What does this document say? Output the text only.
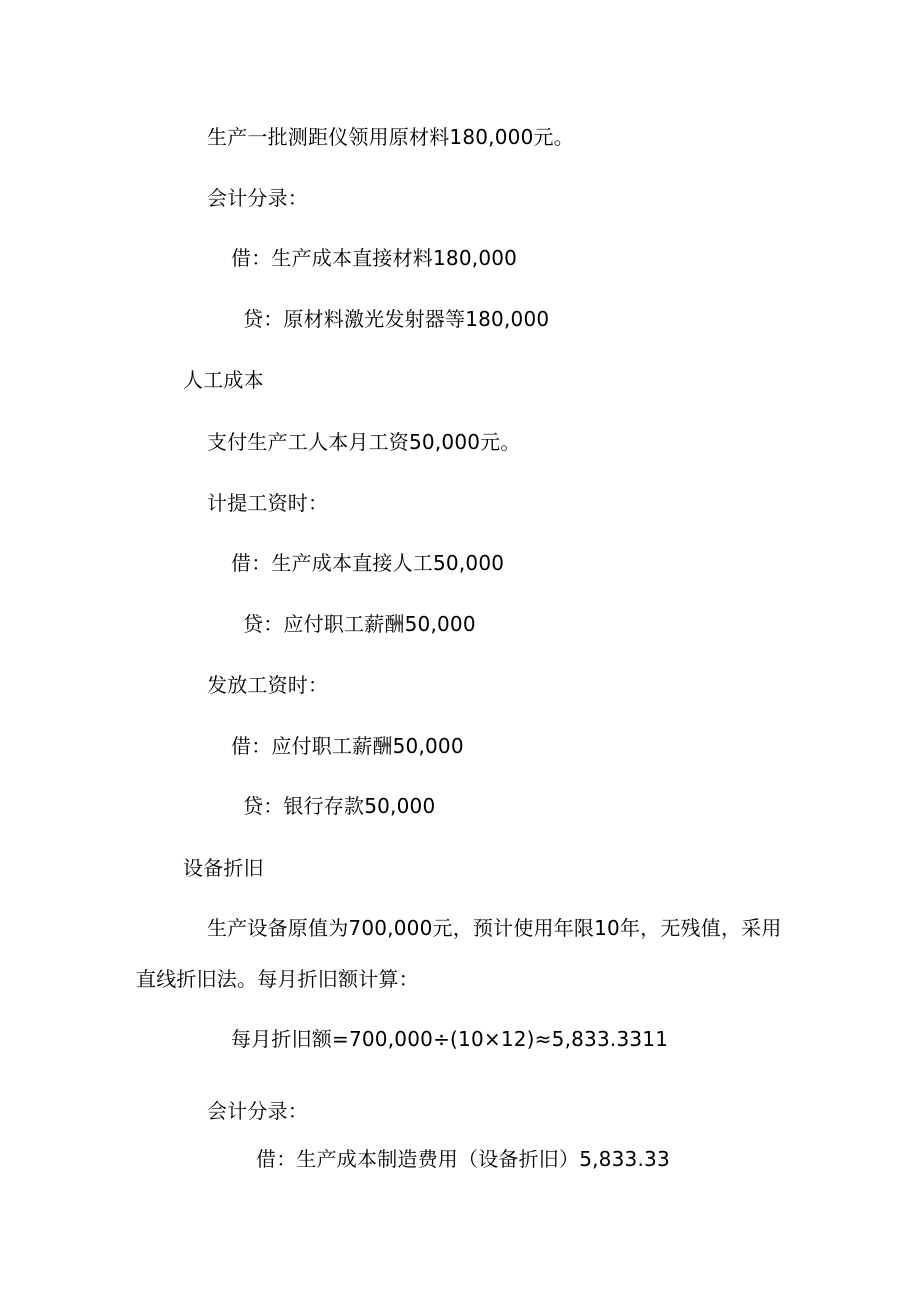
生产一批测距仪领用原材料180,000元。
会计分录：
借：生产成本直接材料180,000
贷：原材料激光发射器等180,000
人工成本
支付生产工人本月工资50,000元。
计提工资时：
借：生产成本直接人工50,000
贷：应付职工薪酬50,000
发放工资时：
借：应付职工薪酬50,000
贷：银行存款50,000
设备折旧
生产设备原值为700,000元，预计使用年限10年，无残值，采用
直线折旧法。每月折旧额计算：
每月折旧额=700,000÷(10×12)≈5,833.3311
会计分录：
借：生产成本制造费用（设备折旧）5,833.33
